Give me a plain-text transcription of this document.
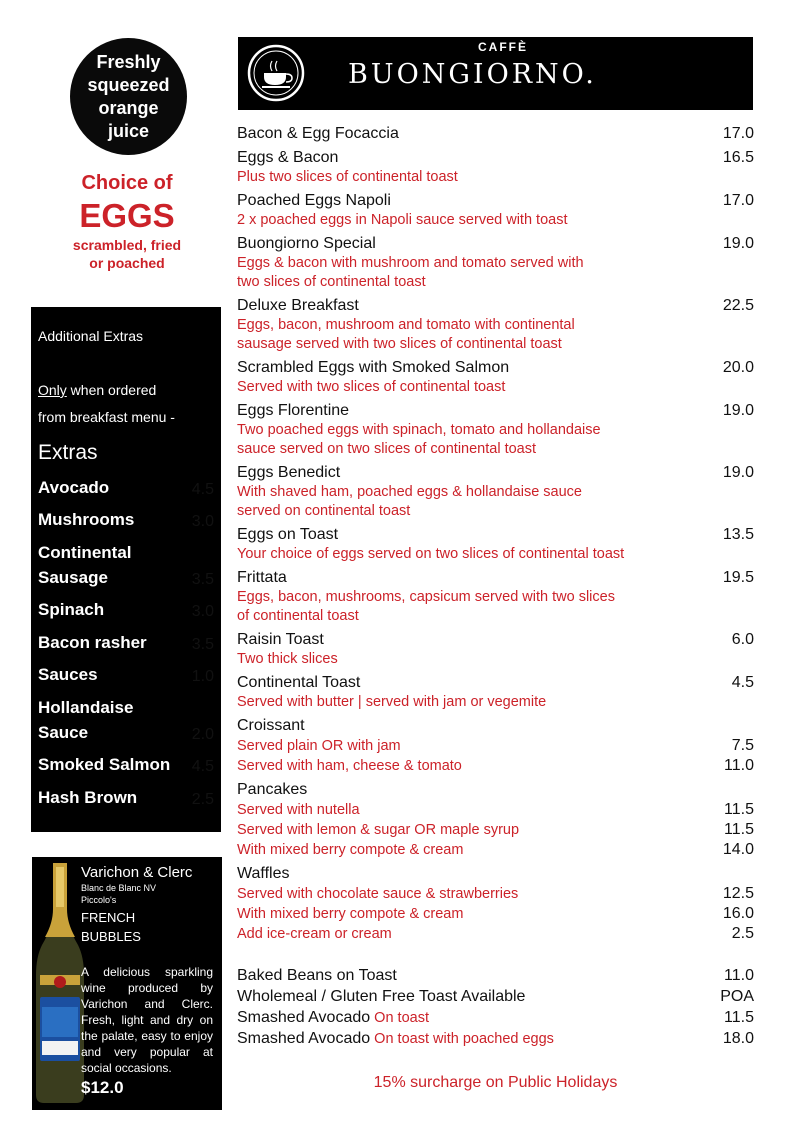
Freshly
squeezed
orange
juice
Choice of
EGGS
scrambled, fried
or poached
Additional Extras
Only when ordered
from breakfast menu -
Extras
Avocado	4.5
Mushrooms	3.0
Continental Sausage	3.5
Spinach	3.0
Bacon rasher	3.5
Sauces	1.0
Hollandaise Sauce	2.0
Smoked Salmon 4.5
Hash Brown	2.5
Varichon & Clerc
Blanc de Blanc NV
Piccolo's
FRENCH
BUBBLES
A delicious sparkling wine produced by Varichon and Clerc. Fresh, light and dry on the palate, easy to enjoy and very popular at social occasions.
$12.0
CAFFÈ
BUONGIORNO.
Bacon & Egg Focaccia	17.0
Eggs & Bacon	16.5
Plus two slices of continental toast
Poached Eggs Napoli	17.0
2 x poached eggs in Napoli sauce served with toast
Buongiorno Special	19.0
Eggs & bacon with mushroom and tomato served with
two slices of continental toast
Deluxe Breakfast	22.5
Eggs, bacon, mushroom and tomato with continental
sausage served with two slices of continental toast
Scrambled Eggs with Smoked Salmon	20.0
Served with two slices of continental toast
Eggs Florentine	19.0
Two poached eggs with spinach, tomato and hollandaise
sauce served on two slices of continental toast
Eggs Benedict	19.0
With shaved ham, poached eggs & hollandaise sauce
served on continental toast
Eggs on Toast	13.5
Your choice of eggs served on two slices of continental toast
Frittata	19.5
Eggs, bacon, mushrooms, capsicum served with two slices
of continental toast
Raisin Toast	6.0
Two thick slices
Continental Toast	4.5
Served with butter | served with jam or vegemite
Croissant
Served plain OR with jam	7.5
Served with ham, cheese & tomato	11.0
Pancakes
Served with nutella	11.5
Served with lemon & sugar OR maple syrup	11.5
With mixed berry compote & cream	14.0
Waffles
Served with chocolate sauce & strawberries	12.5
With mixed berry compote & cream	16.0
Add ice-cream or cream	2.5
Baked Beans on Toast	11.0
Wholemeal / Gluten Free Toast Available	POA
Smashed Avocado On toast	11.5
Smashed Avocado On toast with poached eggs	18.0
15% surcharge on Public Holidays
